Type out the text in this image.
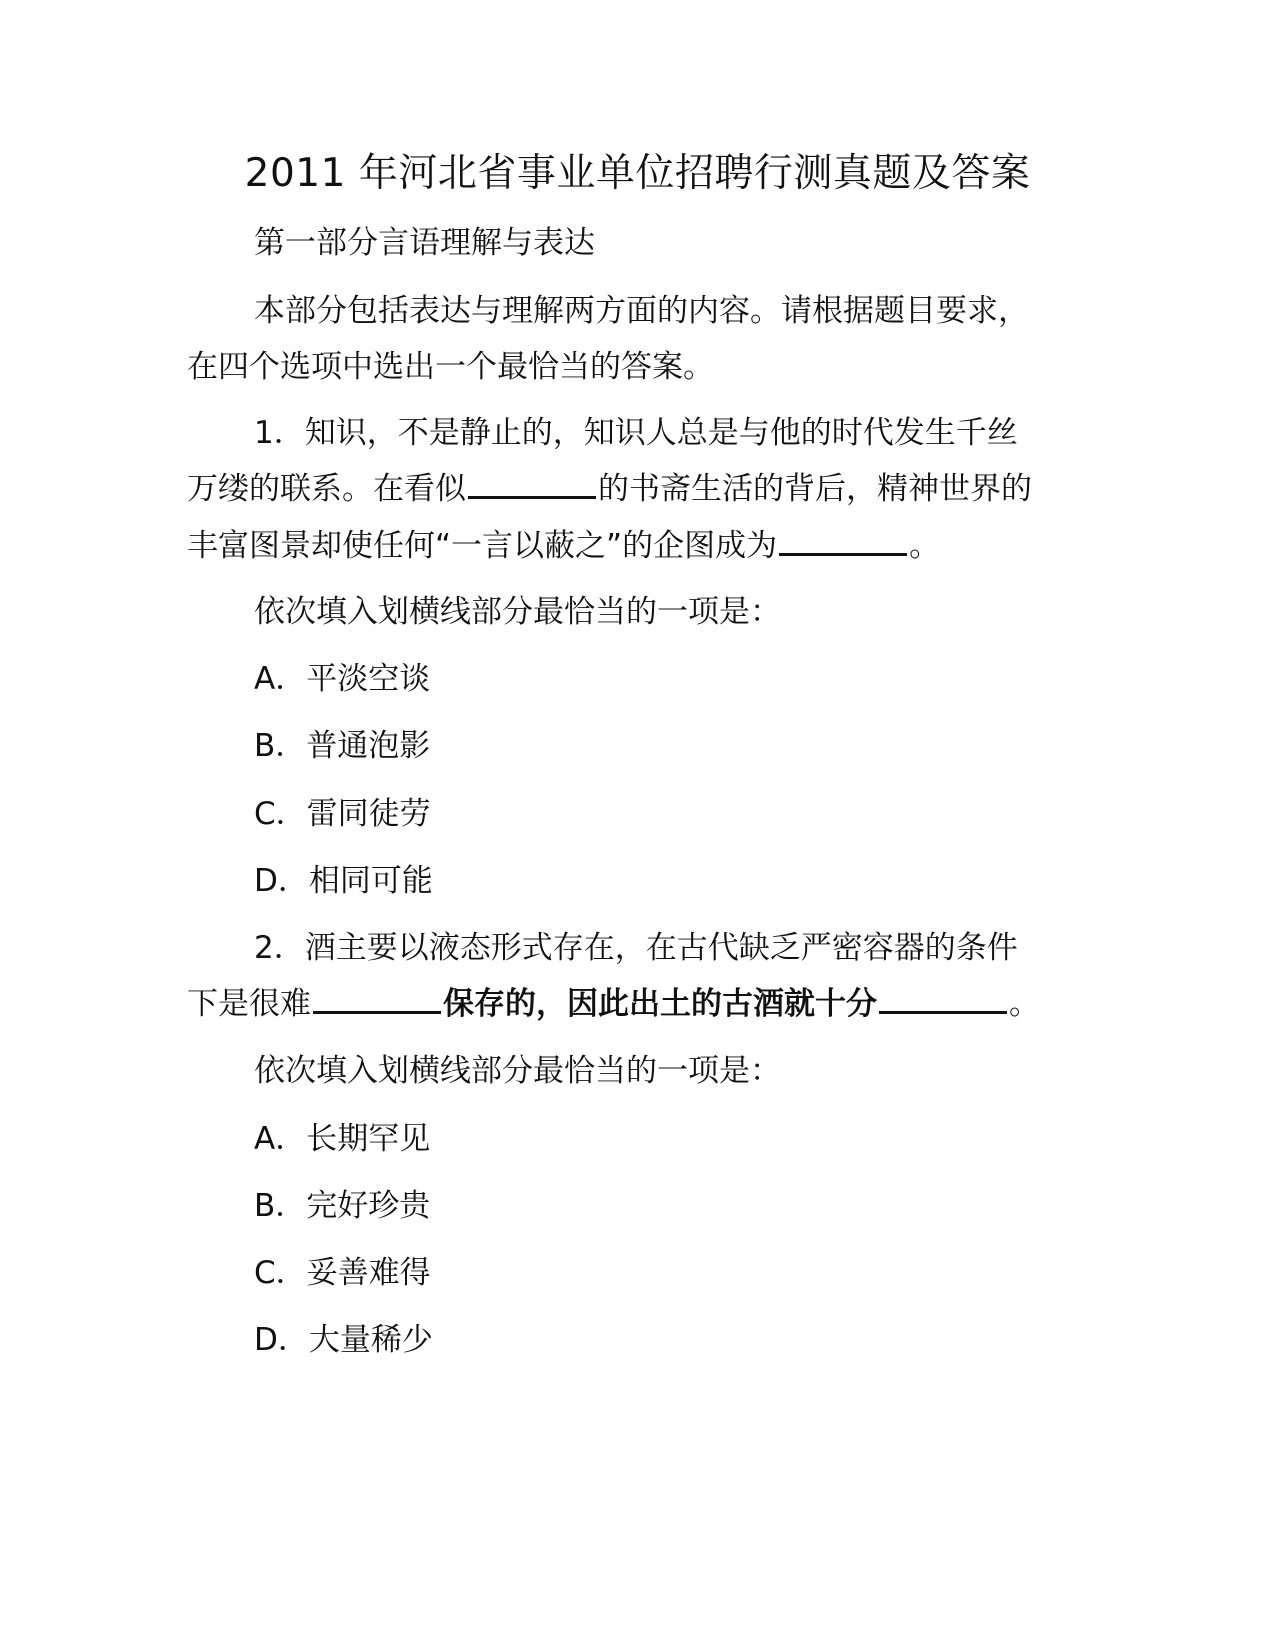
2011 年河北省事业单位招聘行测真题及答案
第一部分言语理解与表达
本部分包括表达与理解两方面的内容。请根据题目要求，
在四个选项中选出一个最恰当的答案。
1．知识，不是静止的，知识人总是与他的时代发生千丝
万缕的联系。在看似	的书斋生活的背后，精神世界的
丰富图景却使任何“一言以蔽之”的企图成为	。
依次填入划横线部分最恰当的一项是：
A．平淡空谈
B．普通泡影
C．雷同徒劳
D．相同可能
2．酒主要以液态形式存在，在古代缺乏严密容器的条件
下是很难	保存的，因此出土的古酒就十分	。
依次填入划横线部分最恰当的一项是：
A．长期罕见
B．完好珍贵
C．妥善难得
D．大量稀少
